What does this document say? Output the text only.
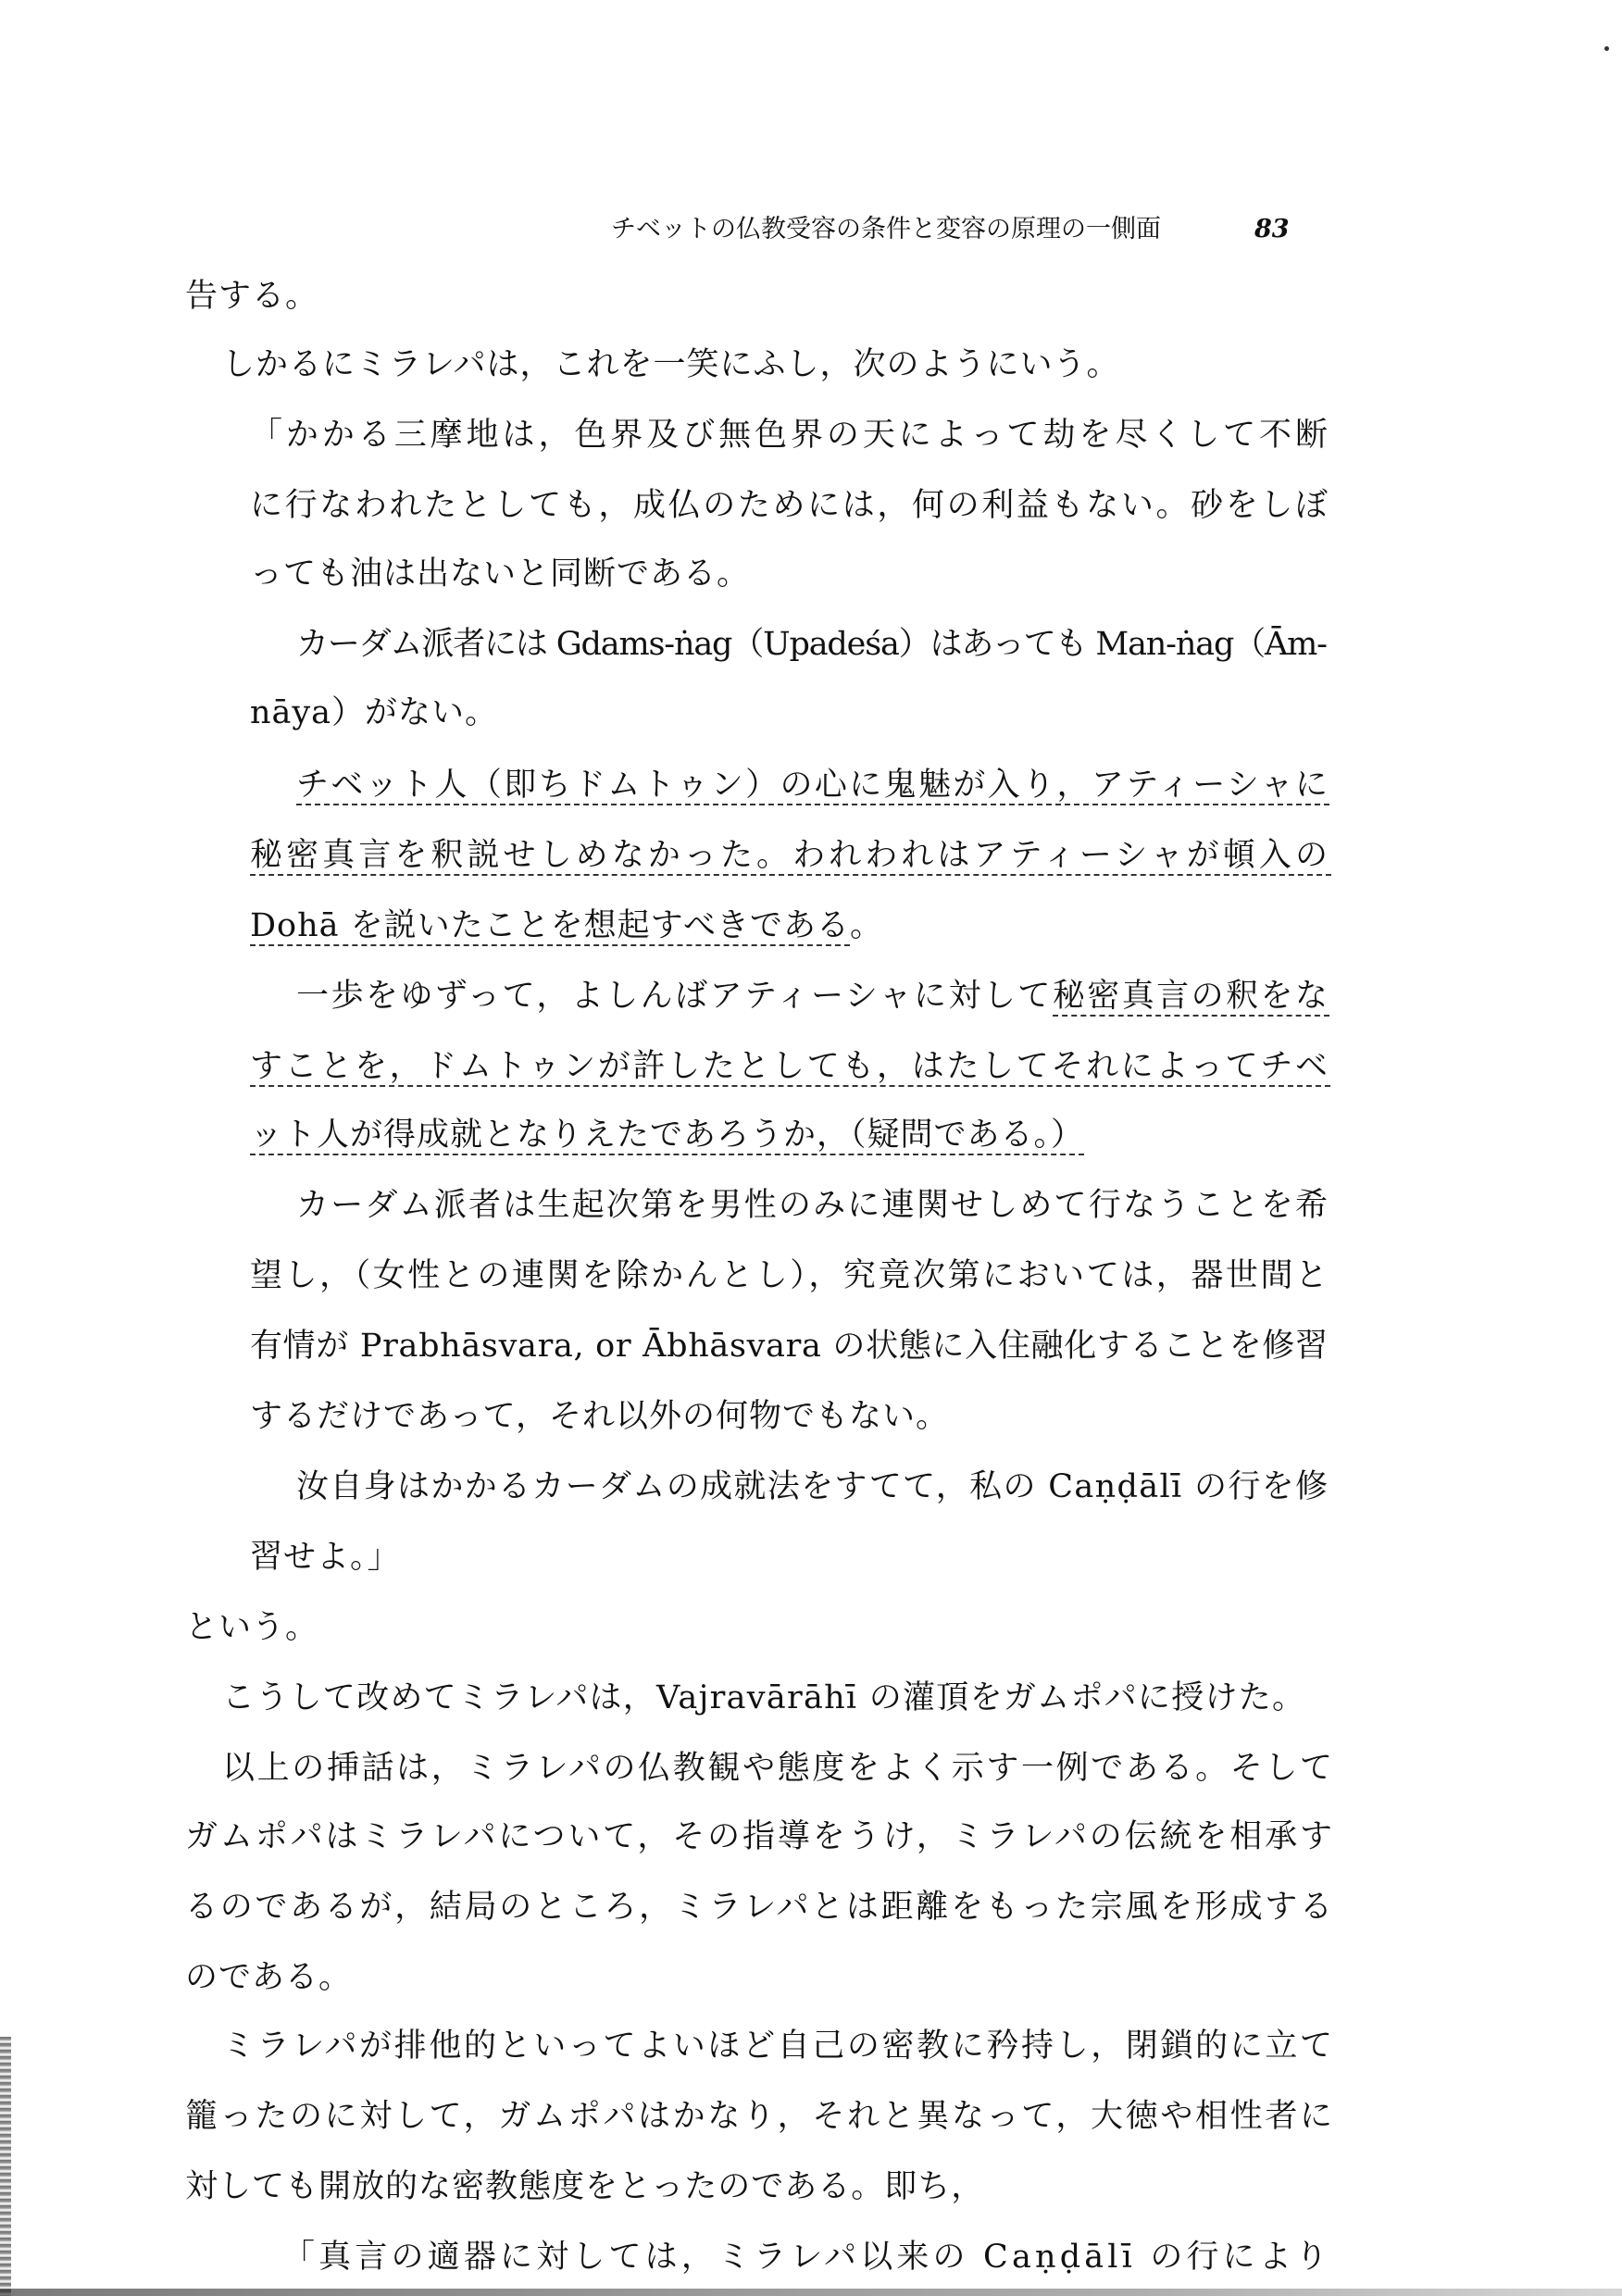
チベットの仏教受容の条件と変容の原理の一側面	83
告する。
しかるにミラレパは，これを一笑にふし，次のようにいう。
「かかる三摩地は，色界及び無色界の天によって劫を尽くして不断
に行なわれたとしても，成仏のためには，何の利益もない。砂をしぼ
っても油は出ないと同断である。
カーダム派者には Gdams-ṅag（Upadeśa）はあっても Man-ṅag（Ām-
nāya）がない。
チベット人（即ちドムトゥン）の心に鬼魅が入り，アティーシャに
秘密真言を釈説せしめなかった。われわれはアティーシャが頓入の
Dohā を説いたことを想起すべきである。
一歩をゆずって，よしんばアティーシャに対して秘密真言の釈をな
すことを，ドムトゥンが許したとしても，はたしてそれによってチベ
ット人が得成就となりえたであろうか，（疑問である。）
カーダム派者は生起次第を男性のみに連関せしめて行なうことを希
望し，（女性との連関を除かんとし），究竟次第においては，器世間と
有情が Prabhāsvara, or Ābhāsvara の状態に入住融化することを修習
するだけであって，それ以外の何物でもない。
汝自身はかかるカーダムの成就法をすてて，私の Caṇḍālī の行を修
習せよ。」
という。
こうして改めてミラレパは，Vajravārāhī の灌頂をガムポパに授けた。
以上の挿話は，ミラレパの仏教観や態度をよく示す一例である。そして
ガムポパはミラレパについて，その指導をうけ，ミラレパの伝統を相承す
るのであるが，結局のところ，ミラレパとは距離をもった宗風を形成する
のである。
ミラレパが排他的といってよいほど自己の密教に矜持し，閉鎖的に立て
籠ったのに対して，ガムポパはかなり，それと異なって，大徳や相性者に
対しても開放的な密教態度をとったのである。即ち，
「真言の適器に対しては，ミラレパ以来の Caṇḍālī の行により
